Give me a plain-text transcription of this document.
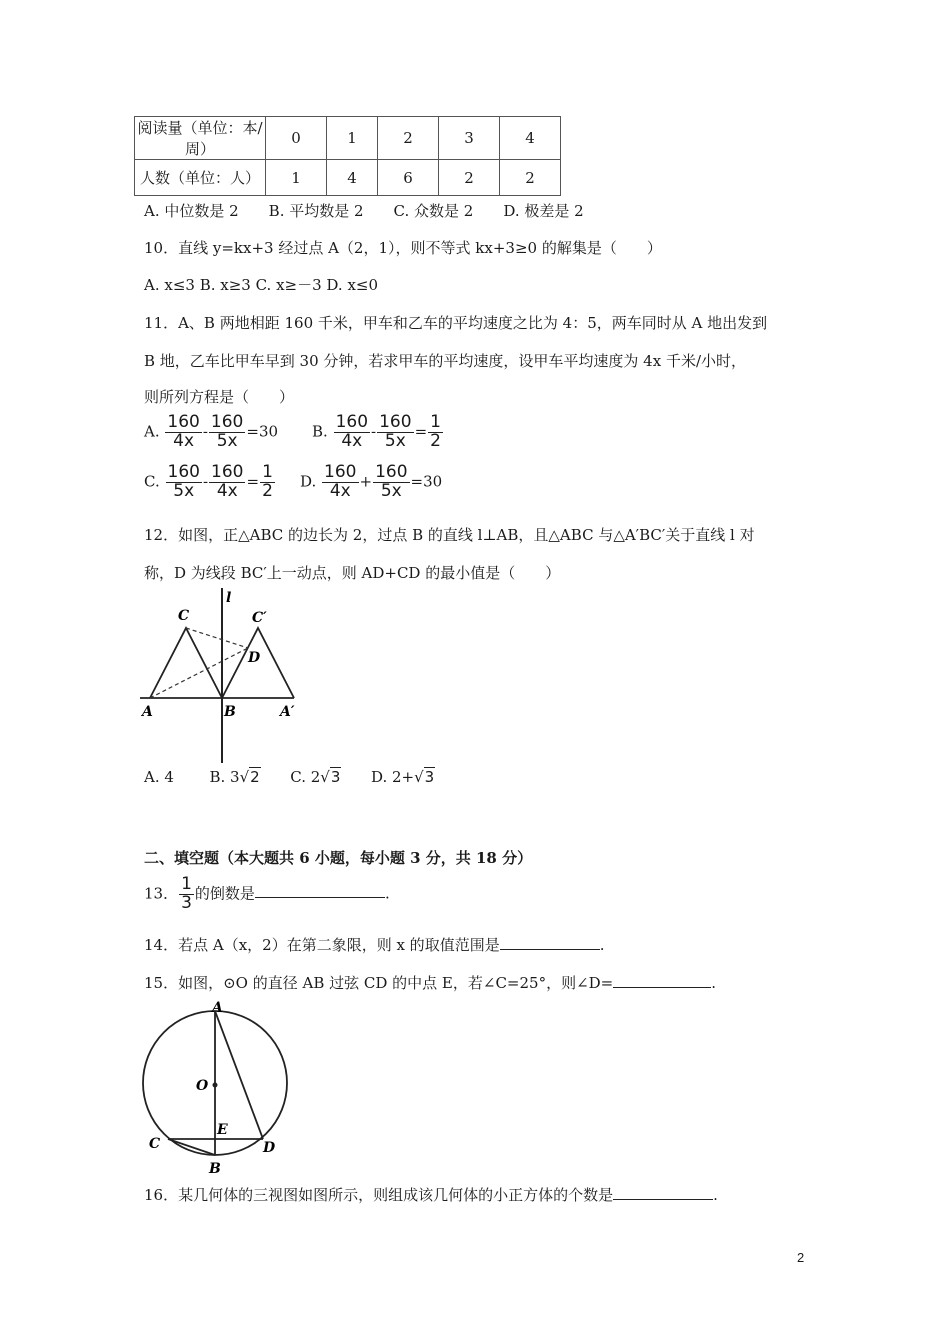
阅读量（单位：本/周）	0	1	2	3	4
人数（单位：人）	1	4	6	2	2
A. 中位数是 2　　B. 平均数是 2　　C. 众数是 2　　D. 极差是 2
10．直线 y=kx+3 经过点 A（2，1），则不等式 kx+3≥0 的解集是（　　）
A. x≤3 B. x≥3 C. x≥－3 D. x≤0
11．A、B 两地相距 160 千米，甲车和乙车的平均速度之比为 4：5，两车同时从 A 地出发到
B 地，乙车比甲车早到 30 分钟，若求甲车的平均速度，设甲车平均速度为 4x 千米/小时，
则所列方程是（　　）
A. $\frac{160}{4x} - \frac{160}{5x} =30$ B. $\frac{160}{4x} - \frac{160}{5x} = \frac{1}{2}$
C. $\frac{160}{5x} - \frac{160}{4x} = \frac{1}{2} D$. $\frac{160}{4x} + \frac{160}{5x} =30$
12．如图，正△ABC 的边长为 2，过点 B 的直线 l⊥AB，且△ABC 与△A′BC′关于直线 l 对
称，D 为线段 BC′上一动点，则 AD+CD 的最小值是（　　）
l
C	C′
D
A	B	A′
A. 4 B. 3√2 C. 2√3 D. 2+√3
二、填空题（本大题共 6 小题，每小题 3 分，共 18 分）
13． $\frac{1}{3}$ 的倒数是	.
14．若点 A（x，2）在第二象限，则 x 的取值范围是	.
15．如图，⊙O 的直径 AB 过弦 CD 的中点 E，若∠C=25°，则∠D=	.
A
O
E
C	D
B
16．某几何体的三视图如图所示，则组成该几何体的小正方体的个数是	.
2
